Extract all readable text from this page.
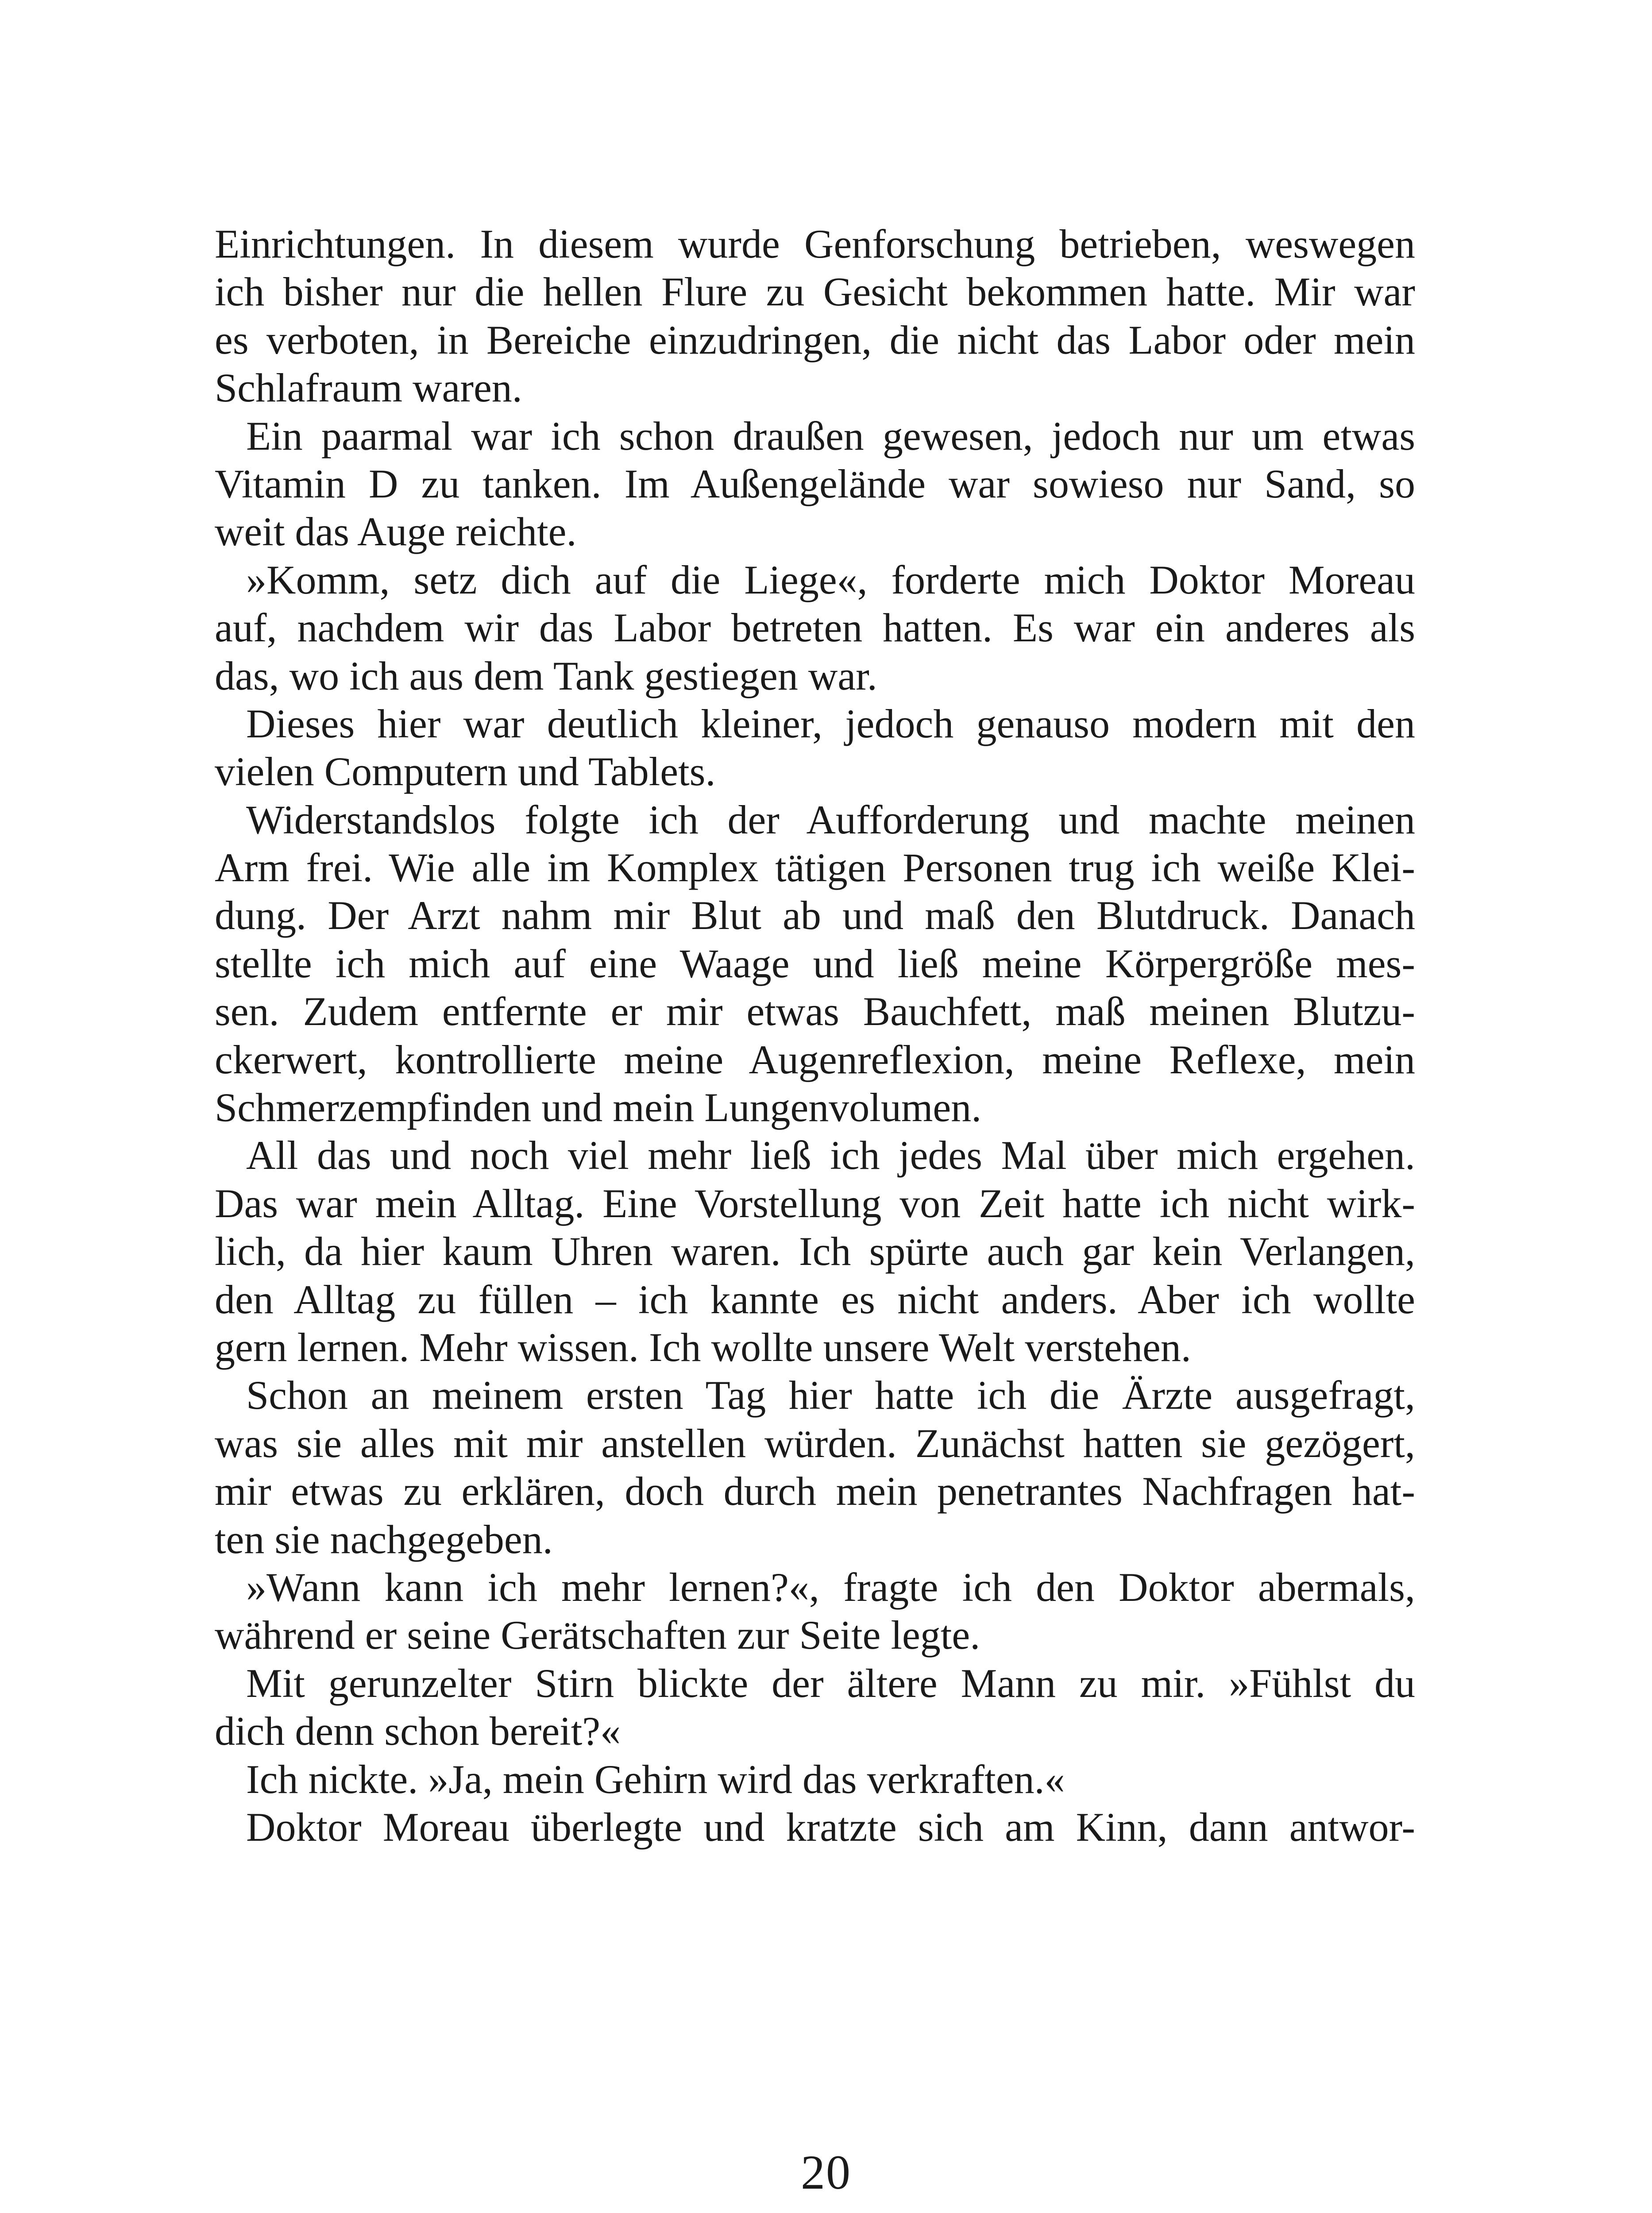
Einrichtungen. In diesem wurde Genforschung betrieben, weswegen
ich bisher nur die hellen Flure zu Gesicht bekommen hatte. Mir war
es verboten, in Bereiche einzudringen, die nicht das Labor oder mein
Schlafraum waren.
Ein paarmal war ich schon draußen gewesen, jedoch nur um etwas
Vitamin D zu tanken. Im Außengelände war sowieso nur Sand, so
weit das Auge reichte.
»Komm, setz dich auf die Liege«, forderte mich Doktor Moreau
auf, nachdem wir das Labor betreten hatten. Es war ein anderes als
das, wo ich aus dem Tank gestiegen war.
Dieses hier war deutlich kleiner, jedoch genauso modern mit den
vielen Computern und Tablets.
Widerstandslos folgte ich der Aufforderung und machte meinen
Arm frei. Wie alle im Komplex tätigen Personen trug ich weiße Klei-
dung. Der Arzt nahm mir Blut ab und maß den Blutdruck. Danach
stellte ich mich auf eine Waage und ließ meine Körpergröße mes-
sen. Zudem entfernte er mir etwas Bauchfett, maß meinen Blutzu-
ckerwert, kontrollierte meine Augenreflexion, meine Reflexe, mein
Schmerzempfinden und mein Lungenvolumen.
All das und noch viel mehr ließ ich jedes Mal über mich ergehen.
Das war mein Alltag. Eine Vorstellung von Zeit hatte ich nicht wirk-
lich, da hier kaum Uhren waren. Ich spürte auch gar kein Verlangen,
den Alltag zu füllen – ich kannte es nicht anders. Aber ich wollte
gern lernen. Mehr wissen. Ich wollte unsere Welt verstehen.
Schon an meinem ersten Tag hier hatte ich die Ärzte ausgefragt,
was sie alles mit mir anstellen würden. Zunächst hatten sie gezögert,
mir etwas zu erklären, doch durch mein penetrantes Nachfragen hat-
ten sie nachgegeben.
»Wann kann ich mehr lernen?«, fragte ich den Doktor abermals,
während er seine Gerätschaften zur Seite legte.
Mit gerunzelter Stirn blickte der ältere Mann zu mir. »Fühlst du
dich denn schon bereit?«
Ich nickte. »Ja, mein Gehirn wird das verkraften.«
Doktor Moreau überlegte und kratzte sich am Kinn, dann antwor-
20
